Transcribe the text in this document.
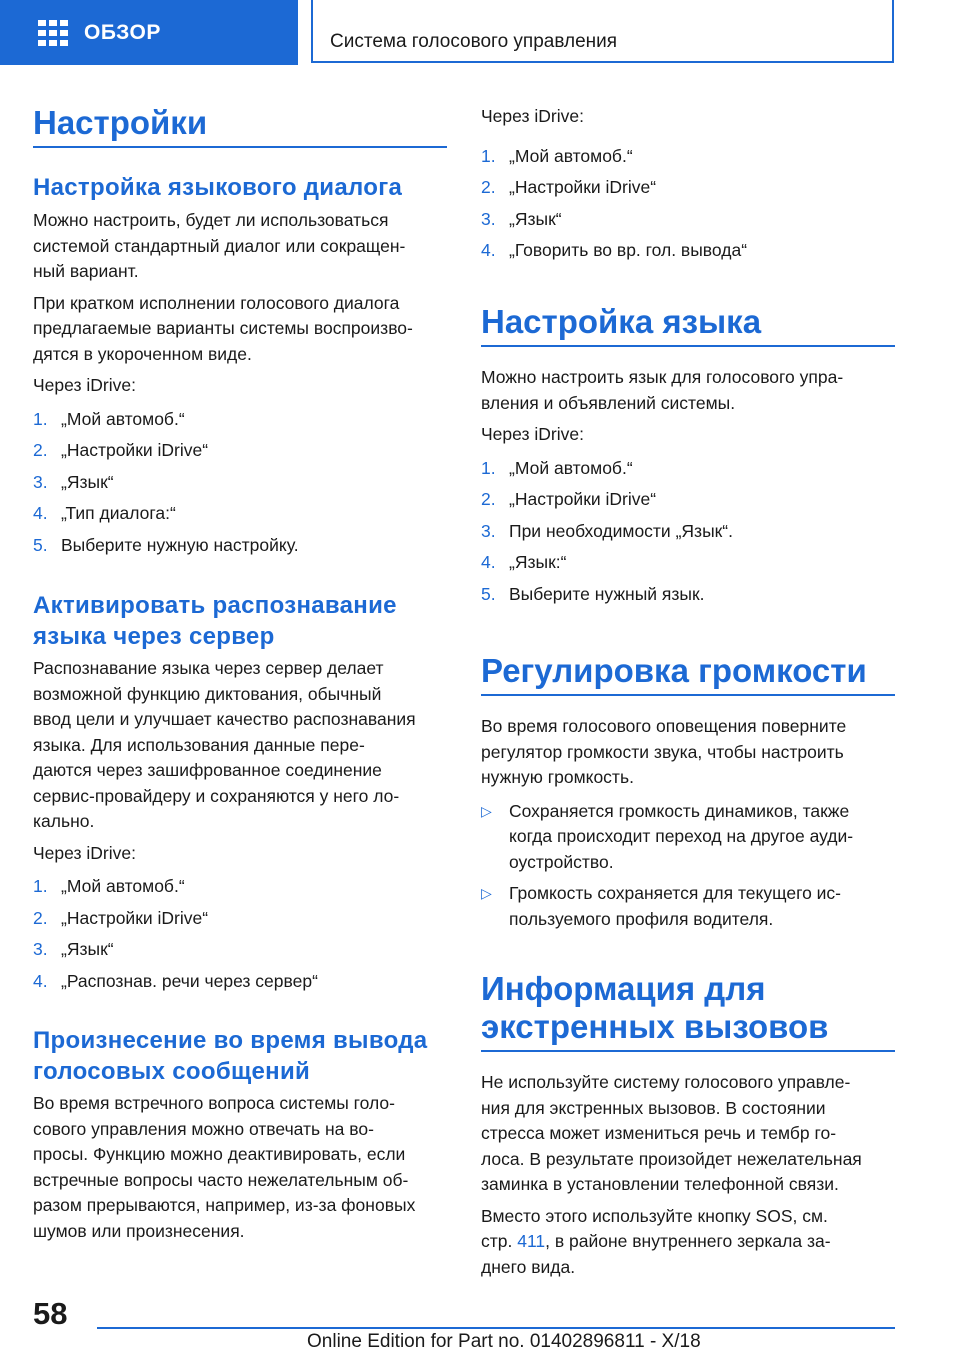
ОБЗОР	Система голосового управления
Настройки
Настройка языкового диалога
Можно настроить, будет ли использоваться
системой стандартный диалог или сокращен-
ный вариант.
При кратком исполнении голосового диалога
предлагаемые варианты системы воспроизво-
дятся в укороченном виде.
Через iDrive:
1. „Мой автомоб.“
2. „Настройки iDrive“
3. „Язык“
4. „Тип диалога:“
5. Выберите нужную настройку.
Активировать распознавание
языка через сервер
Распознавание языка через сервер делает
возможной функцию диктования, обычный
ввод цели и улучшает качество распознавания
языка. Для использования данные пере-
даются через зашифрованное соединение
сервис-провайдеру и сохраняются у него ло-
кально.
Через iDrive:
1. „Мой автомоб.“
2. „Настройки iDrive“
3. „Язык“
4. „Распознав. речи через сервер“
Произнесение во время вывода
голосовых сообщений
Во время встречного вопроса системы голо-
сового управления можно отвечать на во-
просы. Функцию можно деактивировать, если
встречные вопросы часто нежелательным об-
разом прерываются, например, из-за фоновых
шумов или произнесения.
Через iDrive:
1. „Мой автомоб.“
2. „Настройки iDrive“
3. „Язык“
4. „Говорить во вр. гол. вывода“
Настройка языка
Можно настроить язык для голосового упра-
вления и объявлений системы.
Через iDrive:
1. „Мой автомоб.“
2. „Настройки iDrive“
3. При необходимости „Язык“.
4. „Язык:“
5. Выберите нужный язык.
Регулировка громкости
Во время голосового оповещения поверните
регулятор громкости звука, чтобы настроить
нужную громкость.
▷ Сохраняется громкость динамиков, также
когда происходит переход на другое ауди-
оустройство.
▷ Громкость сохраняется для текущего ис-
пользуемого профиля водителя.
Информация для
экстренных вызовов
Не используйте систему голосового управле-
ния для экстренных вызовов. В состоянии
стресса может измениться речь и тембр го-
лоса. В результате произойдет нежелательная
заминка в установлении телефонной связи.
Вместо этого используйте кнопку SOS, см.
стр. 411, в районе внутреннего зеркала за-
днего вида.
58
Online Edition for Part no. 01402896811 - X/18
